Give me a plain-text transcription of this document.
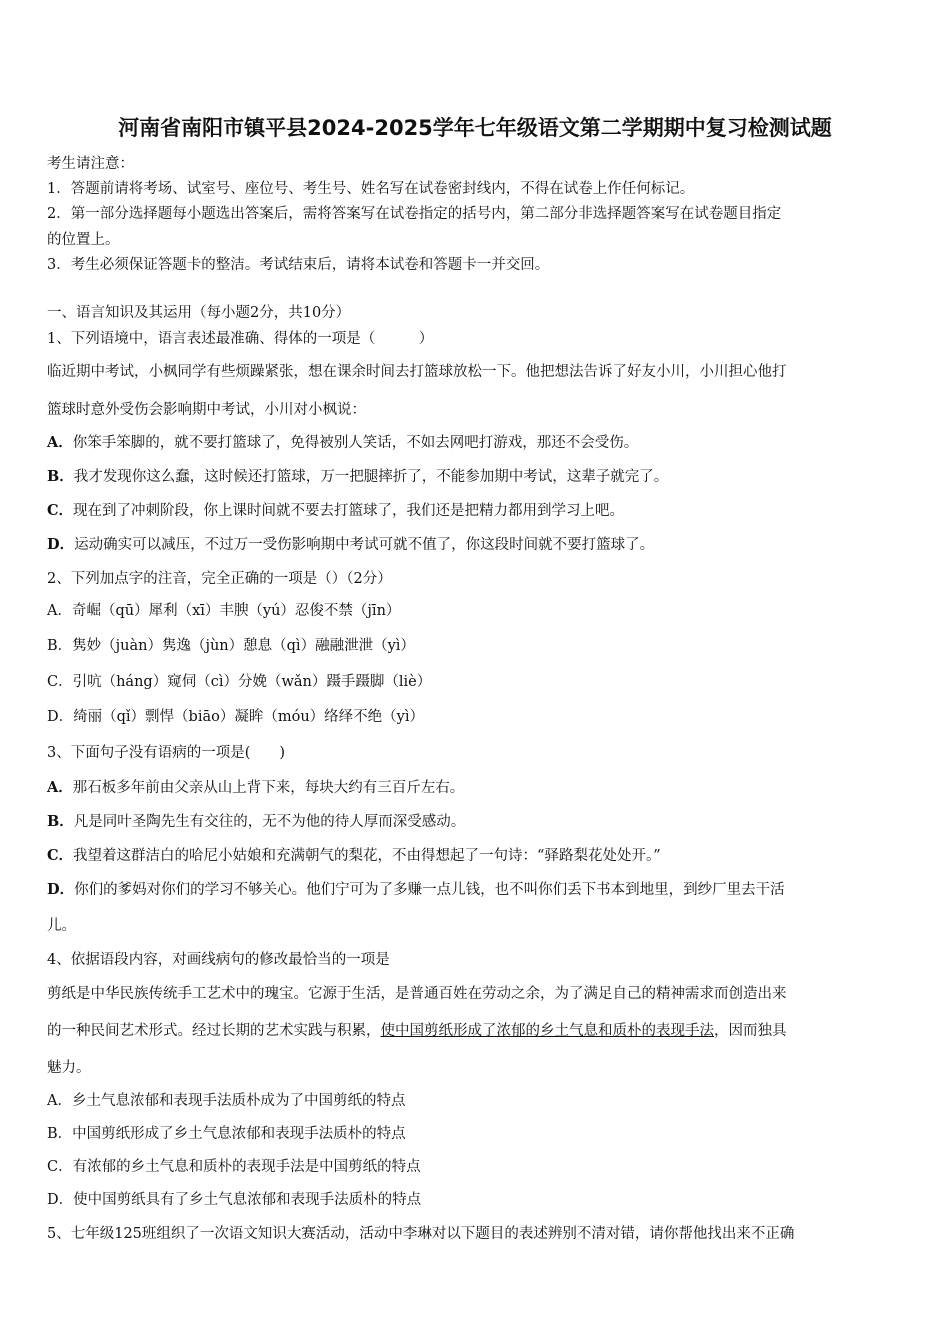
河南省南阳市镇平县2024-2025学年七年级语文第二学期期中复习检测试题
考生请注意：
1．答题前请将考场、试室号、座位号、考生号、姓名写在试卷密封线内，不得在试卷上作任何标记。
2．第一部分选择题每小题选出答案后，需将答案写在试卷指定的括号内，第二部分非选择题答案写在试卷题目指定
的位置上。
3．考生必须保证答题卡的整洁。考试结束后，请将本试卷和答题卡一并交回。
一、语言知识及其运用（每小题2分，共10分）
1、下列语境中，语言表述最准确、得体的一项是（　　　）
临近期中考试，小枫同学有些烦躁紧张，想在课余时间去打篮球放松一下。他把想法告诉了好友小川，小川担心他打
篮球时意外受伤会影响期中考试，小川对小枫说：
A．你笨手笨脚的，就不要打篮球了，免得被别人笑话，不如去网吧打游戏，那还不会受伤。
B．我才发现你这么蠢，这时候还打篮球，万一把腿摔折了，不能参加期中考试，这辈子就完了。
C．现在到了冲刺阶段，你上课时间就不要去打篮球了，我们还是把精力都用到学习上吧。
D．运动确实可以减压，不过万一受伤影响期中考试可就不值了，你这段时间就不要打篮球了。
2、下列加点字的注音，完全正确的一项是（）（2分）
A．奇崛（qū）犀利（xī）丰腴（yú）忍俊不禁（jīn）
B．隽妙（juàn）隽逸（jùn）憩息（qì）融融泄泄（yì）
C．引吭（háng）窥伺（cì）分娩（wǎn）蹑手蹑脚（liè）
D．绮丽（qǐ）剽悍（biāo）凝眸（móu）络绎不绝（yì）
3、下面句子没有语病的一项是(　　)
A．那石板多年前由父亲从山上背下来，每块大约有三百斤左右。
B．凡是同叶圣陶先生有交往的，无不为他的待人厚而深受感动。
C．我望着这群洁白的哈尼小姑娘和充满朝气的梨花，不由得想起了一句诗：“驿路梨花处处开。”
D．你们的爹妈对你们的学习不够关心。他们宁可为了多赚一点儿钱，也不叫你们丢下书本到地里，到纱厂里去干活
儿。
4、依据语段内容，对画线病句的修改最恰当的一项是
剪纸是中华民族传统手工艺术中的瑰宝。它源于生活，是普通百姓在劳动之余，为了满足自己的精神需求而创造出来
的一种民间艺术形式。经过长期的艺术实践与积累，使中国剪纸形成了浓郁的乡土气息和质朴的表现手法，因而独具
魅力。
A．乡土气息浓郁和表现手法质朴成为了中国剪纸的特点
B．中国剪纸形成了乡土气息浓郁和表现手法质朴的特点
C．有浓郁的乡土气息和质朴的表现手法是中国剪纸的特点
D．使中国剪纸具有了乡土气息浓郁和表现手法质朴的特点
5、七年级125班组织了一次语文知识大赛活动，活动中李琳对以下题目的表述辨别不清对错，请你帮他找出来不正确
